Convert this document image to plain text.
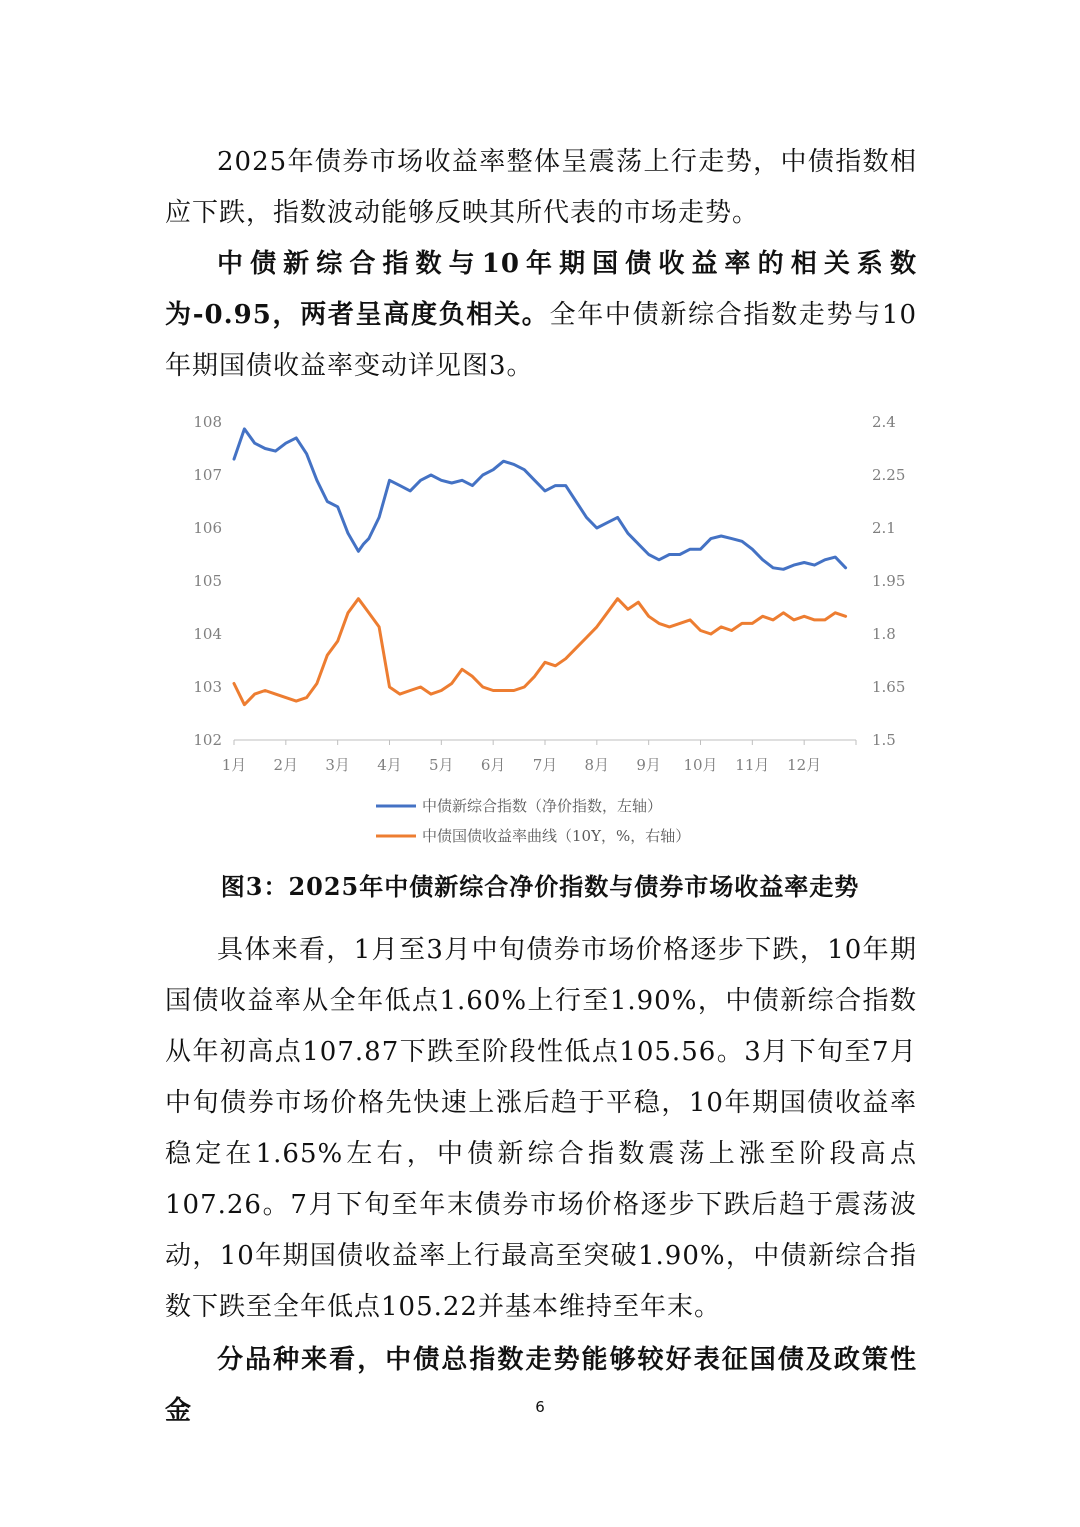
2025年债券市场收益率整体呈震荡上行走势，中债指数相应下跌，指数波动能够反映其所代表的市场走势。

中债新综合指数与10年期国债收益率的相关系数为-0.95，两者呈高度负相关。全年中债新综合指数走势与10年期国债收益率变动详见图3。

1月 2月 3月 4月 5月 6月 7月 8月 9月 10月 11月 12月
102
103
104
105
106
107
108
1.5
1.65
1.8
1.95
2.1
2.25
2.4
中债新综合指数（净价指数，左轴）
中债国债收益率曲线（10Y，%，右轴）

图3：2025年中债新综合净价指数与债券市场收益率走势

具体来看，1月至3月中旬债券市场价格逐步下跌，10年期国债收益率从全年低点1.60%上行至1.90%，中债新综合指数从年初高点107.87下跌至阶段性低点105.56。3月下旬至7月中旬债券市场价格先快速上涨后趋于平稳，10年期国债收益率稳定在1.65%左右，中债新综合指数震荡上涨至阶段高点107.26。7月下旬至年末债券市场价格逐步下跌后趋于震荡波动，10年期国债收益率上行最高至突破1.90%，中债新综合指数下跌至全年低点105.22并基本维持至年末。

分品种来看，中债总指数走势能够较好表征国债及政策性金	6
